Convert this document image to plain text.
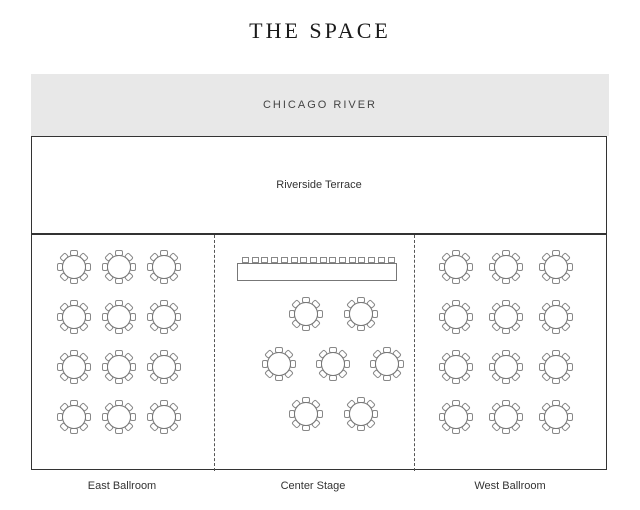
THE SPACE
CHICAGO RIVER
Riverside Terrace
East Ballroom	Center Stage	West Ballroom
